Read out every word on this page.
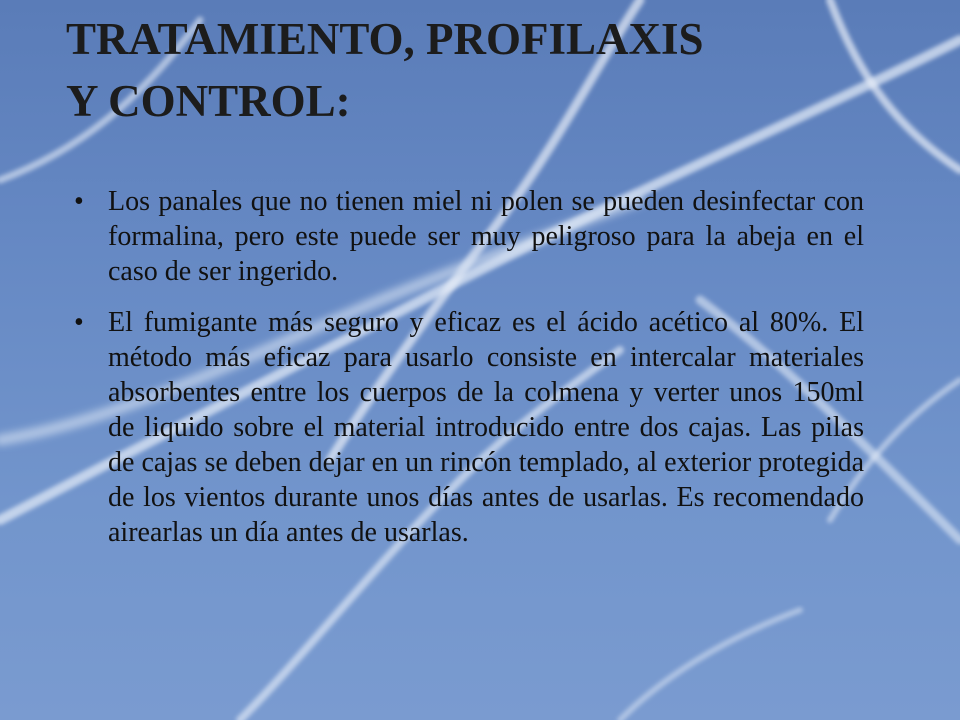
TRATAMIENTO, PROFILAXIS
Y CONTROL:
• Los panales que no tienen miel ni polen se pueden desinfectar con formalina, pero este puede ser muy peligroso para la abeja en el caso de ser ingerido.
• El fumigante más seguro y eficaz es el ácido acético al 80%. El método más eficaz para usarlo consiste en intercalar materiales absorbentes entre los cuerpos de la colmena y verter unos 150ml de liquido sobre el material introducido entre dos cajas. Las pilas de cajas se deben dejar en un rincón templado, al exterior protegida de los vientos durante unos días antes de usarlas. Es recomendado airearlas un día antes de usarlas.
